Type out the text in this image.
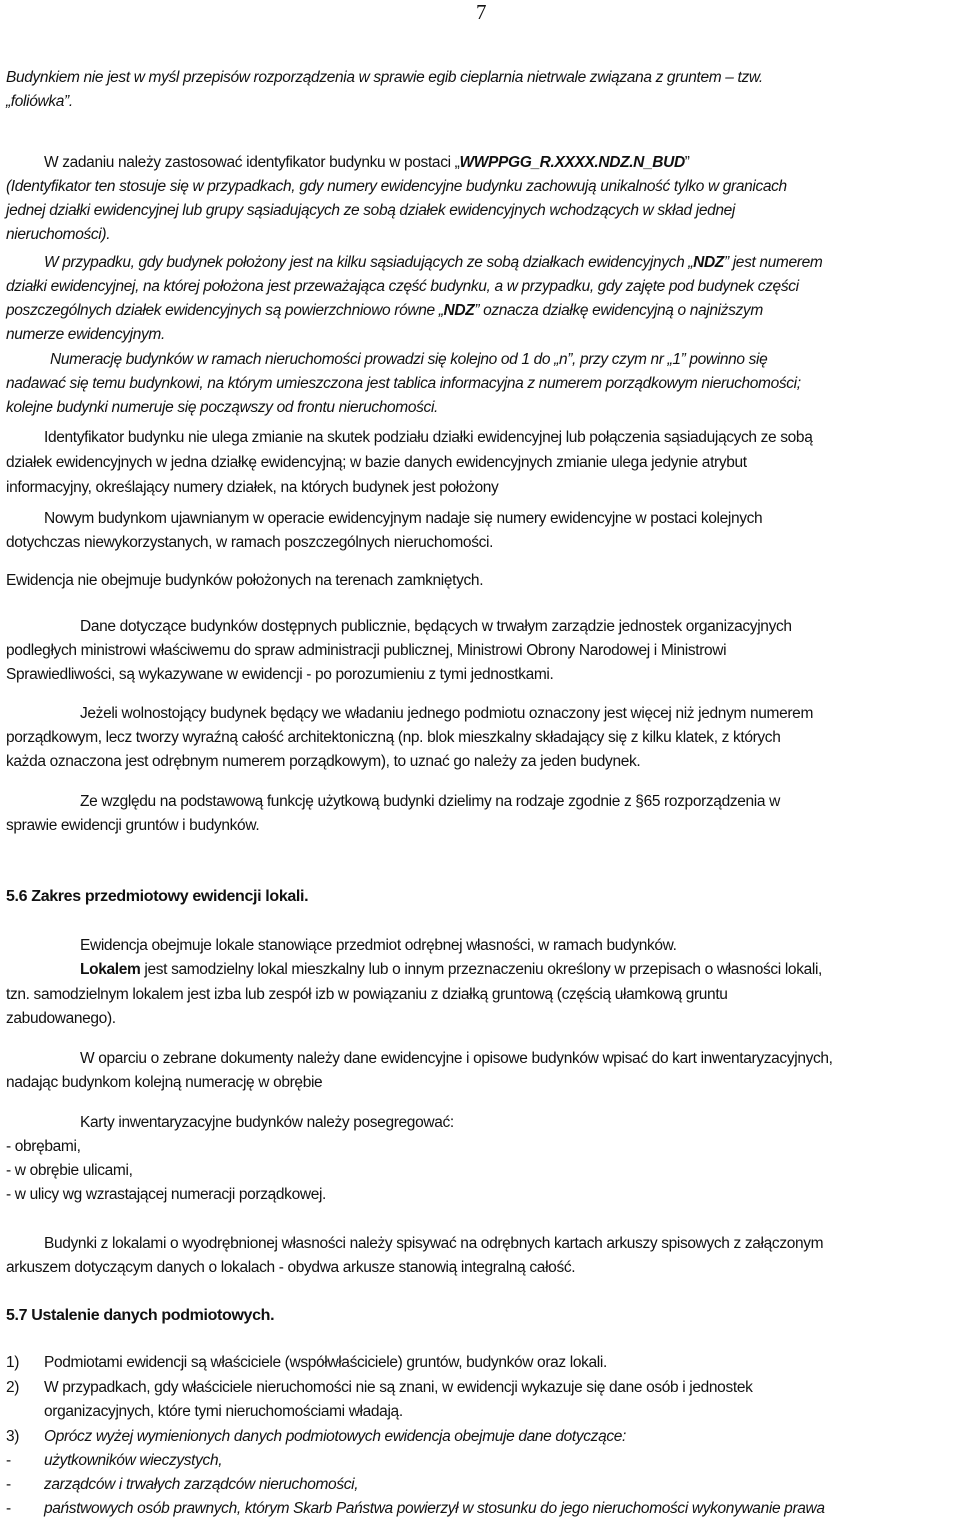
7
Budynkiem nie jest w myśl przepisów rozporządzenia w sprawie egib cieplarnia nietrwale związana z gruntem – tzw.
„foliówka”.
W zadaniu należy zastosować identyfikator budynku w postaci „WWPPGG_R.XXXX.NDZ.N_BUD”
(Identyfikator ten stosuje się w przypadkach, gdy numery ewidencyjne budynku zachowują unikalność tylko w granicach
jednej działki ewidencyjnej lub grupy sąsiadujących ze sobą działek ewidencyjnych wchodzących w skład jednej
nieruchomości).
W przypadku, gdy budynek położony jest na kilku sąsiadujących ze sobą działkach ewidencyjnych „NDZ” jest numerem
działki ewidencyjnej, na której położona jest przeważająca część budynku, a w przypadku, gdy zajęte pod budynek części
poszczególnych działek ewidencyjnych są powierzchniowo równe „NDZ” oznacza działkę ewidencyjną o najniższym
numerze ewidencyjnym.
Numerację budynków w ramach nieruchomości prowadzi się kolejno od 1 do „n”, przy czym nr „1” powinno się
nadawać się temu budynkowi, na którym umieszczona jest tablica informacyjna z numerem porządkowym nieruchomości;
kolejne budynki numeruje się począwszy od frontu nieruchomości.
Identyfikator budynku nie ulega zmianie na skutek podziału działki ewidencyjnej lub połączenia sąsiadujących ze sobą
działek ewidencyjnych w jedna działkę ewidencyjną; w bazie danych ewidencyjnych zmianie ulega jedynie atrybut
informacyjny, określający numery działek, na których budynek jest położony
Nowym budynkom ujawnianym w operacie ewidencyjnym nadaje się numery ewidencyjne w postaci kolejnych
dotychczas niewykorzystanych, w ramach poszczególnych nieruchomości.
Ewidencja nie obejmuje budynków położonych na terenach zamkniętych.
Dane dotyczące budynków dostępnych publicznie, będących w trwałym zarządzie jednostek organizacyjnych
podległych ministrowi właściwemu do spraw administracji publicznej, Ministrowi Obrony Narodowej i Ministrowi
Sprawiedliwości, są wykazywane w ewidencji - po porozumieniu z tymi jednostkami.
Jeżeli wolnostojący budynek będący we władaniu jednego podmiotu oznaczony jest więcej niż jednym numerem
porządkowym, lecz tworzy wyraźną całość architektoniczną (np. blok mieszkalny składający się z kilku klatek, z których
każda oznaczona jest odrębnym numerem porządkowym), to uznać go należy za jeden budynek.
Ze względu na podstawową funkcję użytkową budynki dzielimy na rodzaje zgodnie z §65 rozporządzenia w
sprawie ewidencji gruntów i budynków.
5.6 Zakres przedmiotowy ewidencji lokali.
Ewidencja obejmuje lokale stanowiące przedmiot odrębnej własności, w ramach budynków.
Lokalem jest samodzielny lokal mieszkalny lub o innym przeznaczeniu określony w przepisach o własności lokali,
tzn. samodzielnym lokalem jest izba lub zespół izb w powiązaniu z działką gruntową (częścią ułamkową gruntu
zabudowanego).
W oparciu o zebrane dokumenty należy dane ewidencyjne i opisowe budynków wpisać do kart inwentaryzacyjnych,
nadając budynkom kolejną numerację w obrębie
Karty inwentaryzacyjne budynków należy posegregować:
- obrębami,
- w obrębie ulicami,
- w ulicy wg wzrastającej numeracji porządkowej.
Budynki z lokalami o wyodrębnionej własności należy spisywać na odrębnych kartach arkuszy spisowych z załączonym
arkuszem dotyczącym danych o lokalach - obydwa arkusze stanowią integralną całość.
5.7 Ustalenie danych podmiotowych.
1) Podmiotami ewidencji są właściciele (współwłaściciele) gruntów, budynków oraz lokali.
2) W przypadkach, gdy właściciele nieruchomości nie są znani, w ewidencji wykazuje się dane osób i jednostek
organizacyjnych, które tymi nieruchomościami władają.
3) Oprócz wyżej wymienionych danych podmiotowych ewidencja obejmuje dane dotyczące:
- użytkowników wieczystych,
- zarządców i trwałych zarządców nieruchomości,
- państwowych osób prawnych, którym Skarb Państwa powierzył w stosunku do jego nieruchomości wykonywanie prawa
